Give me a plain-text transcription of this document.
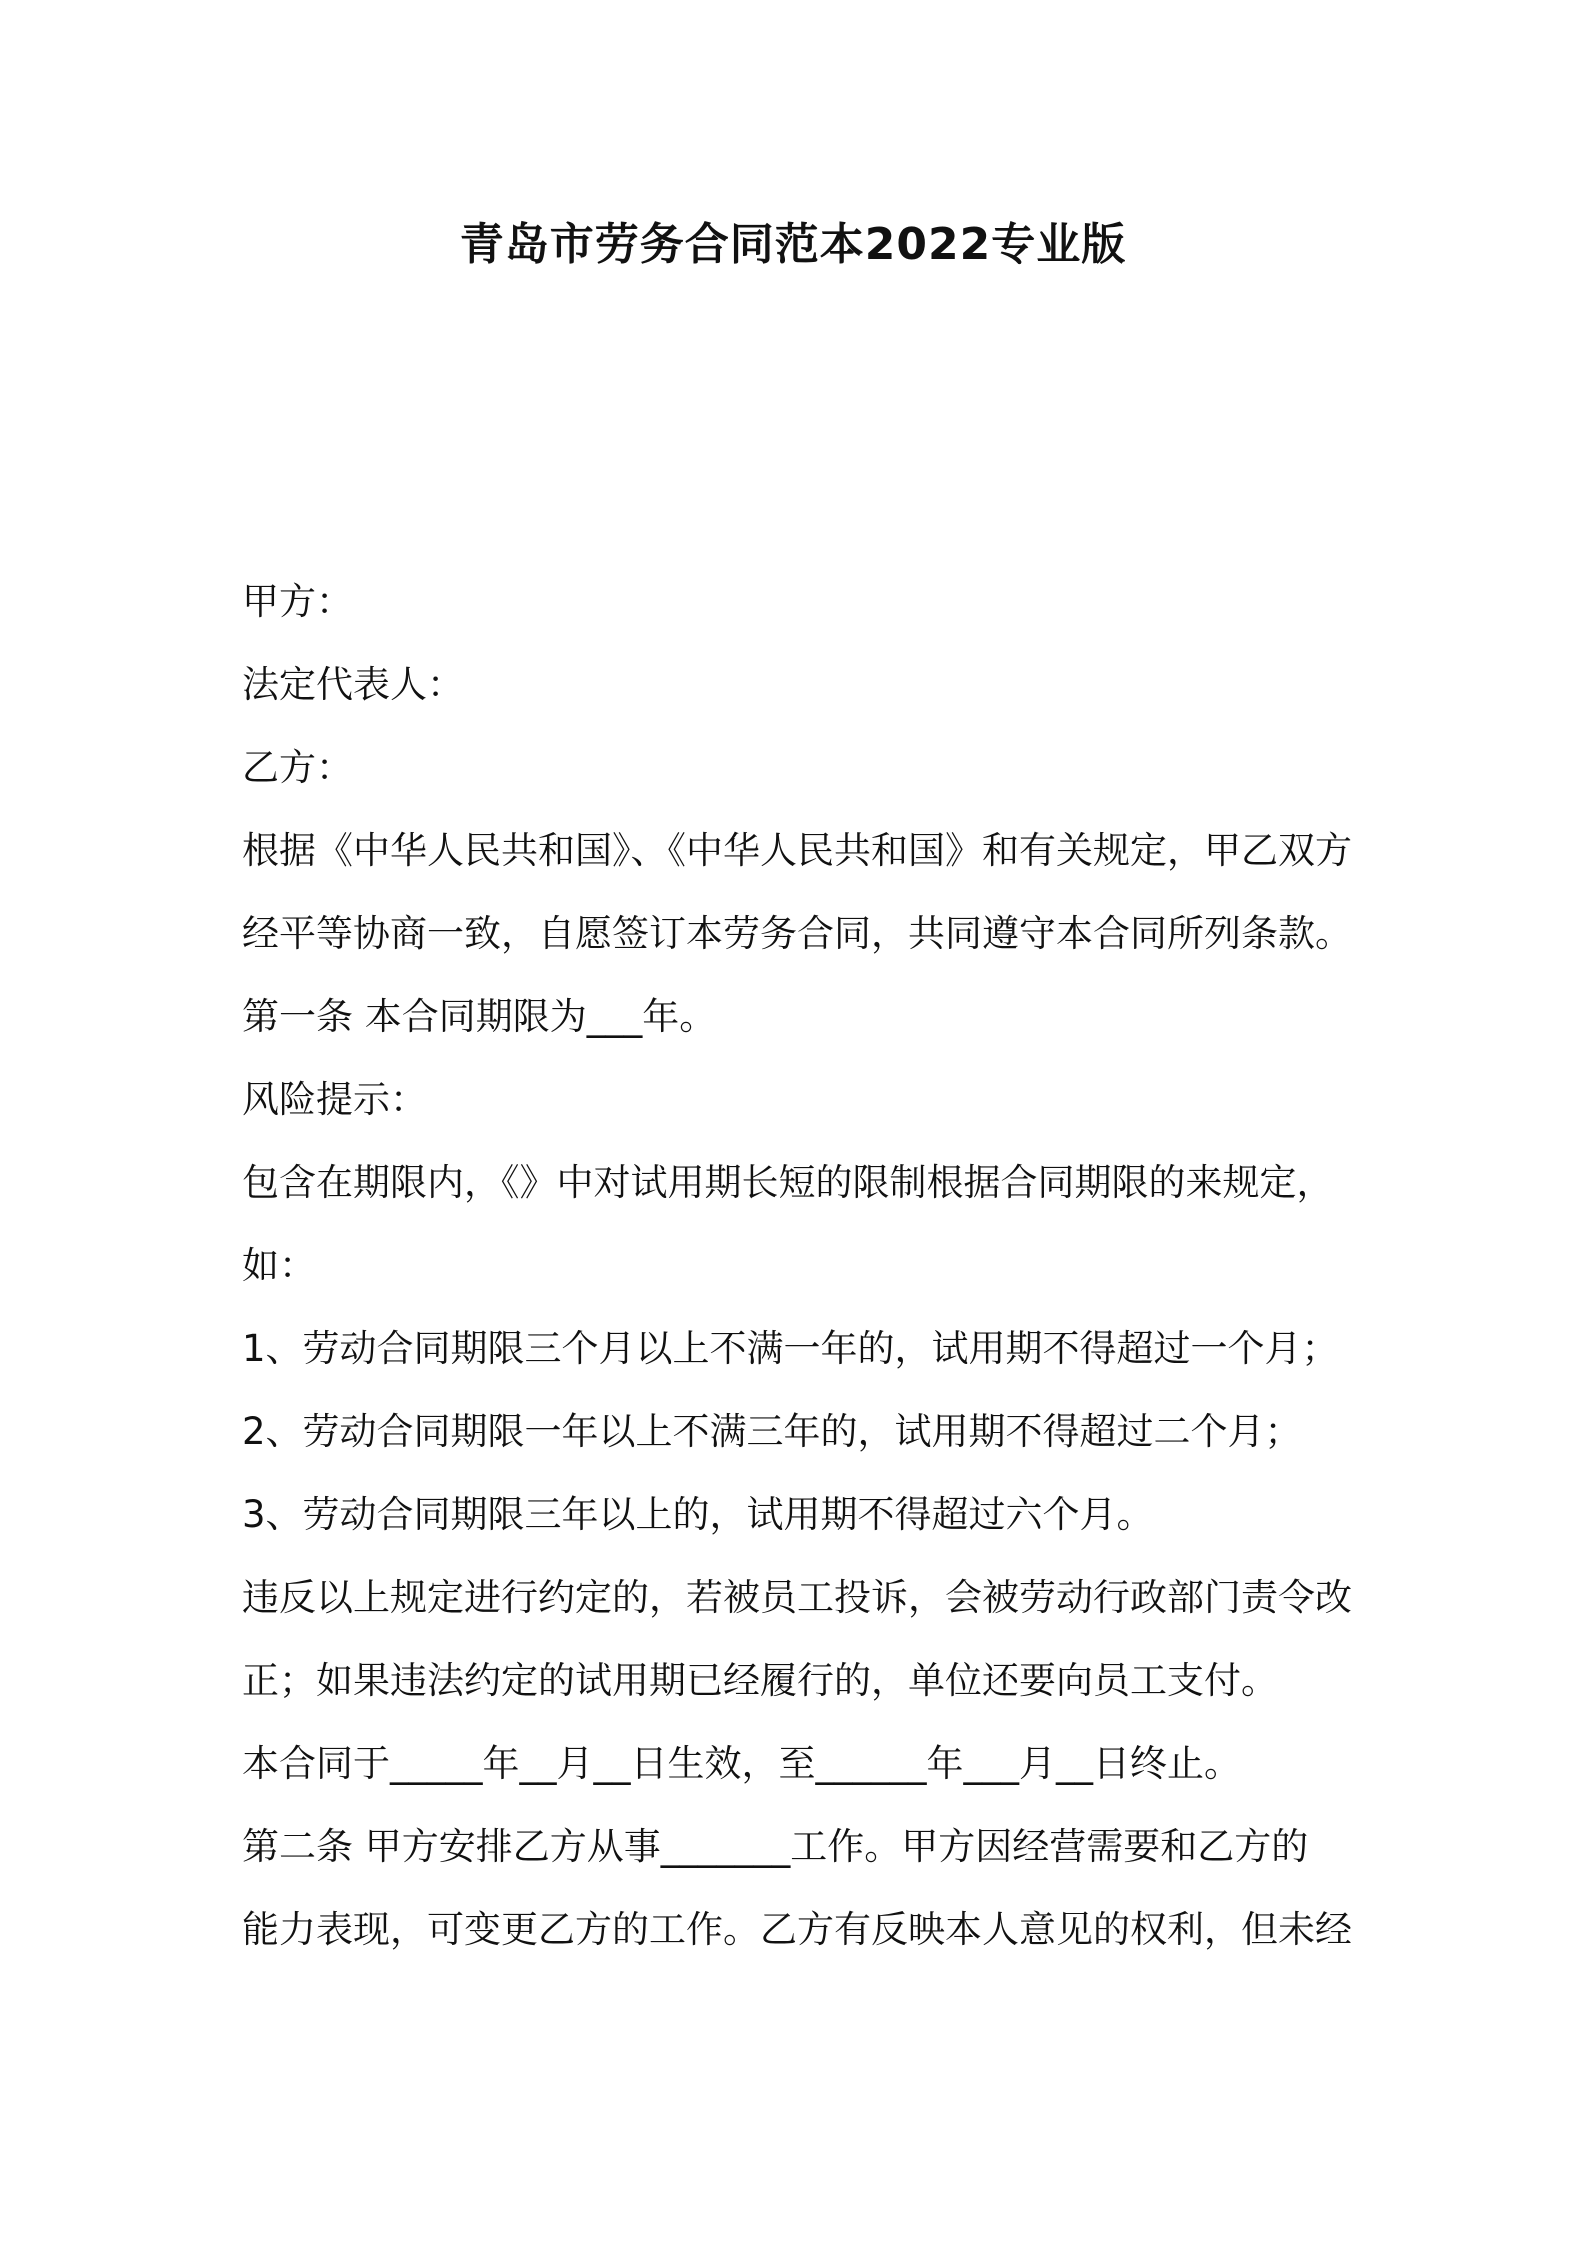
青岛市劳务合同范本2022专业版
甲方：
法定代表人：
乙方：
根据《中华人民共和国》、《中华人民共和国》和有关规定，甲乙双方
经平等协商一致，自愿签订本劳务合同，共同遵守本合同所列条款。
第一条 本合同期限为___年。
风险提示：
包含在期限内，《》中对试用期长短的限制根据合同期限的来规定，
如：
1、劳动合同期限三个月以上不满一年的，试用期不得超过一个月；
2、劳动合同期限一年以上不满三年的，试用期不得超过二个月；
3、劳动合同期限三年以上的，试用期不得超过六个月。
违反以上规定进行约定的，若被员工投诉，会被劳动行政部门责令改
正；如果违法约定的试用期已经履行的，单位还要向员工支付。
本合同于_____年__月__日生效，至______年___月__日终止。
第二条 甲方安排乙方从事_______工作。甲方因经营需要和乙方的
能力表现，可变更乙方的工作。乙方有反映本人意见的权利，但未经
